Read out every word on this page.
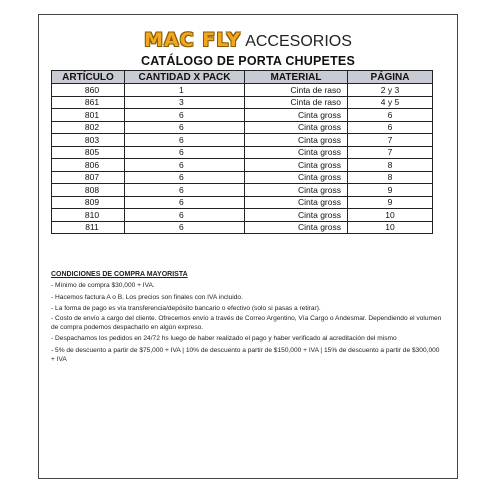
MAC FLY ACCESORIOS
CATÁLOGO DE PORTA CHUPETES
ARTÍCULO	CANTIDAD X PACK	MATERIAL	PÁGINA
860	1	Cinta de raso	2 y 3
861	3	Cinta de raso	4 y 5
801	6	Cinta gross	6
802	6	Cinta gross	6
803	6	Cinta gross	7
805	6	Cinta gross	7
806	6	Cinta gross	8
807	6	Cinta gross	8
808	6	Cinta gross	9
809	6	Cinta gross	9
810	6	Cinta gross	10
811	6	Cinta gross	10
CONDICIONES DE COMPRA MAYORISTA
- Mínimo de compra $30,000 + IVA.
- Hacemos factura A o B. Los precios son finales con IVA incluido.
- La forma de pago es vía transferencia/depósito bancario o efectivo (solo si pasas a retirar).
- Costo de envío a cargo del cliente. Ofrecemos envío a través de Correo Argentino, Vía Cargo o Andesmar. Dependiendo el volumen de compra podemos despacharlo en algún expreso.
- Despachamos los pedidos en 24/72 hs luego de haber realizado el pago y haber verificado al acreditación del mismo
- 5% de descuento a partir de $75,000 + IVA | 10% de descuento a partir de $150,000 + IVA | 15% de descuento a partir de $300,000 + IVA
